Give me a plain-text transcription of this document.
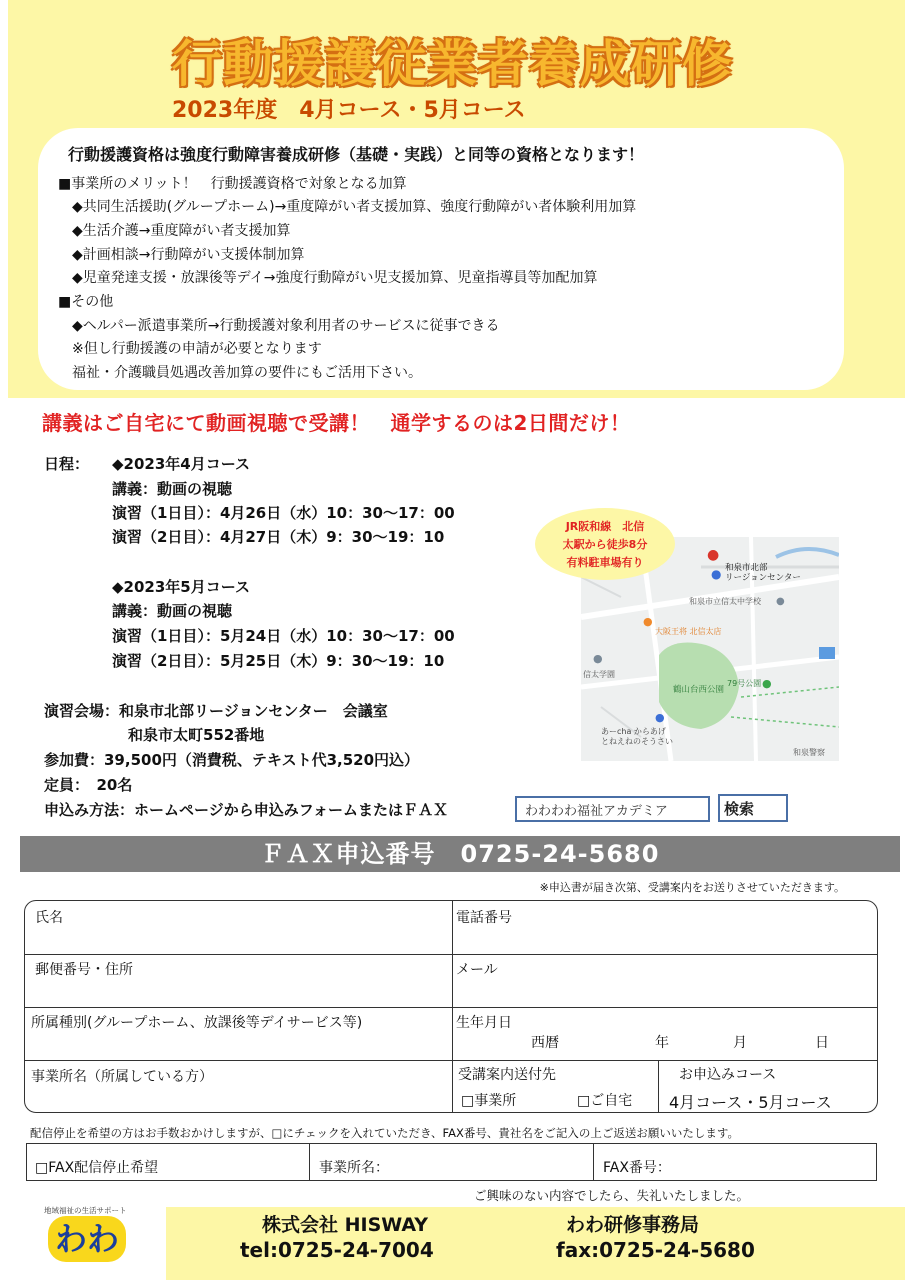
行動援護従業者養成研修
2023年度　4月コース・5月コース
行動援護資格は強度行動障害養成研修（基礎・実践）と同等の資格となります！
■事業所のメリット！　行動援護資格で対象となる加算
◆共同生活援助(グループホーム)→重度障がい者支援加算、強度行動障がい者体験利用加算
◆生活介護→重度障がい者支援加算
◆計画相談→行動障がい支援体制加算
◆児童発達支援・放課後等デイ→強度行動障がい児支援加算、児童指導員等加配加算
■その他
◆ヘルパー派遣事業所→行動援護対象利用者のサービスに従事できる
※但し行動援護の申請が必要となります
福祉・介護職員処遇改善加算の要件にもご活用下さい。
講義はご自宅にて動画視聴で受講！　通学するのは2日間だけ！
日程： ◆2023年4月コース
講義：動画の視聴
演習（1日目）：4月26日（水）10：30～17：00
演習（2日目）：4月27日（木）9：30～19：10
◆2023年5月コース
講義：動画の視聴
演習（1日目）：5月24日（水）10：30～17：00
演習（2日目）：5月25日（木）9：30～19：10
演習会場：和泉市北部リージョンセンター　会議室
和泉市太町552番地
参加費：39,500円（消費税、テキスト代3,520円込）
定員：　20名
申込み方法：ホームページから申込みフォームまたはＦＡＸ
●
● 和泉市北部
リージョンセンター
●
和泉市立信太中学校
●
大阪王将 北信太店
●
信太学園
鶴山台西公園	●
79号公園
●
あーcha からあげ
とねえねのそうさい
和泉警察
JR阪和線　北信
太駅から徒歩8分
有料駐車場有り
わわわわ福祉アカデミア
検索
ＦＡＸ申込番号　0725-24-5680
※申込書が届き次第、受講案内をお送りさせていただきます。
氏名	電話番号
郵便番号・住所	メール
所属種別(グループホーム、放課後等デイサービス等)	生年月日
西暦	年	月	日
事業所名（所属している方）	受講案内送付先
□事業所	□ご自宅
お申込みコース
4月コース・5月コース
配信停止を希望の方はお手数おかけしますが、□にチェックを入れていただき、FAX番号、貴社名をご記入の上ご返送お願いいたします。
□FAX配信停止希望	事業所名：	FAX番号：
ご興味のない内容でしたら、失礼いたしました。
地域福祉の生活サポート
わわ	株式会社 HISWAY	わわ研修事務局
tel:0725-24-7004	fax:0725-24-5680
